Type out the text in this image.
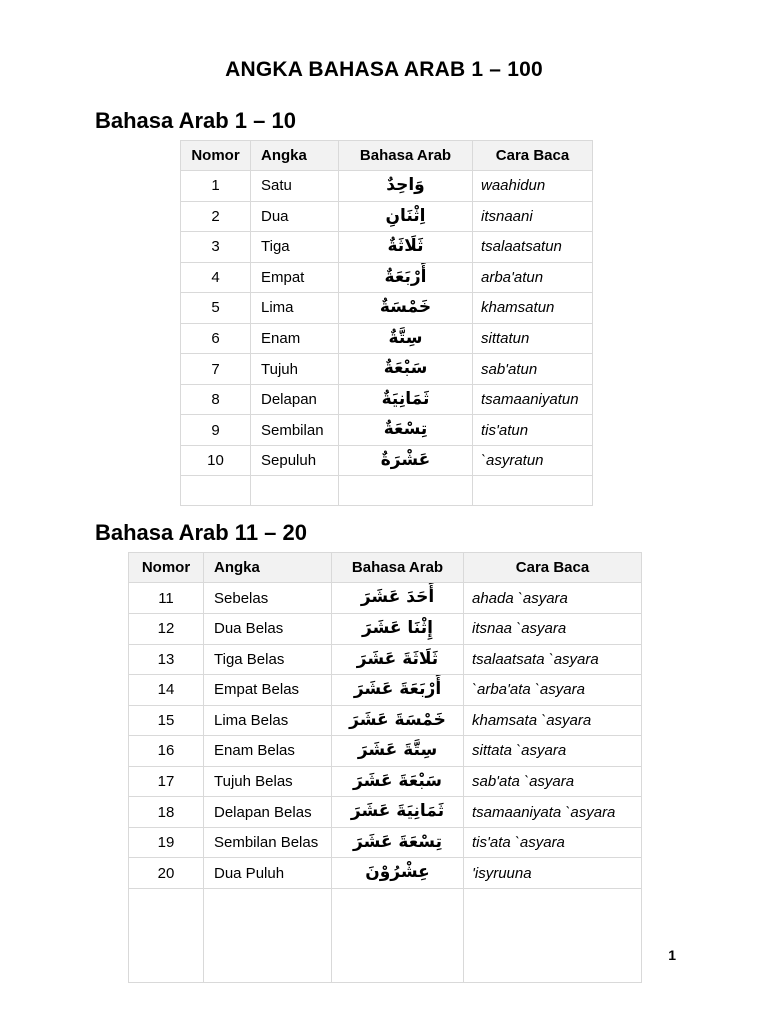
ANGKA BAHASA ARAB 1 – 100
Bahasa Arab 1 – 10
Nomor	Angka	Bahasa Arab	Cara Baca
1	Satu	وَاحِدٌ	waahidun
2	Dua	اِثْنَانِ	itsnaani
3	Tiga	ثَلَاثَةٌ	tsalaatsatun
4	Empat	أَرْبَعَةٌ	arba'atun
5	Lima	خَمْسَةٌ	khamsatun
6	Enam	سِتَّةٌ	sittatun
7	Tujuh	سَبْعَةٌ	sab'atun
8	Delapan	ثَمَانِيَةٌ	tsamaaniyatun
9	Sembilan	تِسْعَةٌ	tis'atun
10	Sepuluh	عَشْرَةٌ	`asyratun

Bahasa Arab 11 – 20
Nomor	Angka	Bahasa Arab	Cara Baca
11	Sebelas	أَحَدَ عَشَرَ	ahada `asyara
12	Dua Belas	إِثْنَا عَشَرَ	itsnaa `asyara
13	Tiga Belas	ثَلَاثَةَ عَشَرَ	tsalaatsata `asyara
14	Empat Belas	أَرْبَعَةَ عَشَرَ	`arba'ata `asyara
15	Lima Belas	خَمْسَةَ عَشَرَ	khamsata `asyara
16	Enam Belas	سِتَّةَ عَشَرَ	sittata `asyara
17	Tujuh Belas	سَبْعَةَ عَشَرَ	sab'ata `asyara
18	Delapan Belas	ثَمَانِيَةَ عَشَرَ	tsamaaniyata `asyara
19	Sembilan Belas	تِسْعَةَ عَشَرَ	tis'ata `asyara
20	Dua Puluh	عِشْرُوْنَ	'isyruuna

1
